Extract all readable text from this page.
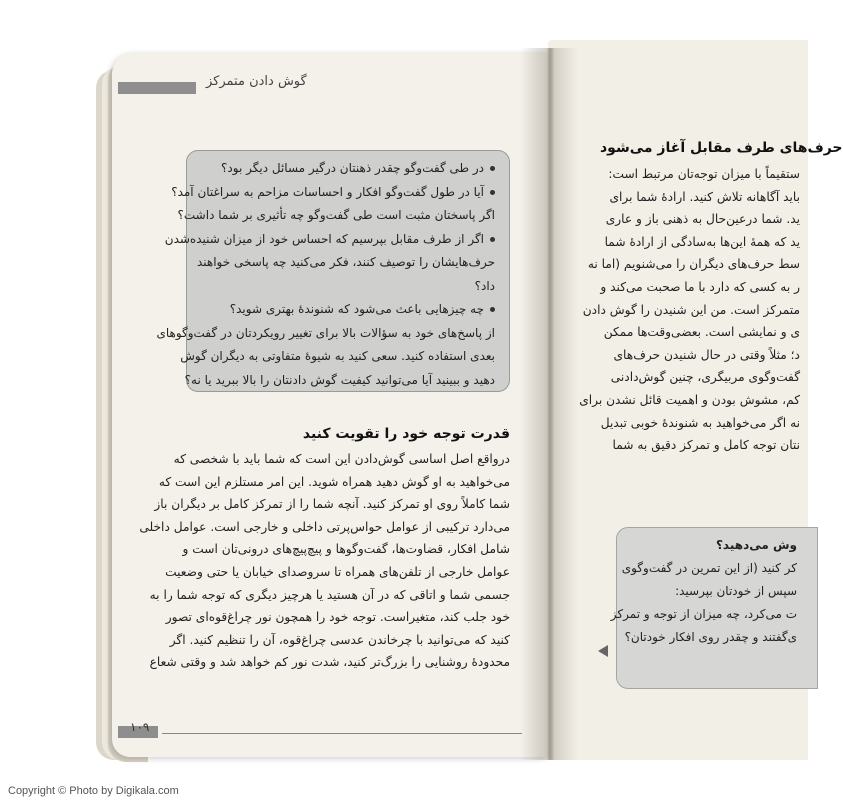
گوش دادن متمرکز
۱۰۹
در طی گفت‌وگو چقدر ذهنتان درگیر مسائل دیگر بود؟
آیا در طول گفت‌وگو افکار و احساسات مزاحم به سراغتان آمد؟
اگر پاسختان مثبت است طی گفت‌وگو چه تأثیری بر شما داشت؟
اگر از طرف مقابل بپرسیم که احساس خود از میزان شنیده‌شدن
حرف‌هایشان را توصیف کنند، فکر می‌کنید چه پاسخی خواهند
داد؟
چه چیزهایی باعث می‌شود که شنوندهٔ بهتری شوید؟
از پاسخ‌های خود به سؤالات بالا برای تغییر رویکردتان در گفت‌وگوهای
بعدی استفاده کنید. سعی کنید به شیوهٔ متفاوتی به دیگران گوش
دهید و ببینید آیا می‌توانید کیفیت گوش دادنتان را بالا ببرید یا نه؟
قدرت توجه خود را تقویت کنید
درواقع اصل اساسی گوش‌دادن این است که شما باید با شخصی که
می‌خواهید به او گوش دهید همراه شوید. این امر مستلزم این است که
شما کاملاً روی او تمرکز کنید. آنچه شما را از تمرکز کامل بر دیگران باز
می‌دارد ترکیبی از عوامل حواس‌پرتی داخلی و خارجی است. عوامل داخلی
شامل افکار، قضاوت‌ها، گفت‌وگوها و پیچ‌پیچ‌های درونی‌تان است و
عوامل خارجی از تلفن‌های همراه تا سروصدای خیابان یا حتی وضعیت
جسمی شما و اتاقی که در آن هستید یا هرچیز دیگری که توجه شما را به
خود جلب کند، متغیراست. توجه خود را همچون نور چراغ‌قوه‌ای تصور
کنید که می‌توانید با چرخاندن عدسی چراغ‌قوه، آن را تنظیم کنید. اگر
محدودهٔ روشنایی را بزرگ‌تر کنید، شدت نور کم خواهد شد و وقتی شعاع
حرف‌های طرف مقابل آغاز می‌شود
ستقیماً با میزان توجه‌تان مرتبط است:
باید آگاهانه تلاش کنید. ارادهٔ شما برای
ید. شما درعین‌حال به ذهنی باز و عاری
ید که همهٔ این‌ها به‌سادگی از ارادهٔ شما
سط حرف‌های دیگران را می‌شنویم (اما نه
ر به کسی که دارد با ما صحبت می‌کند و
متمرکز است. من این شنیدن را گوش دادن
ی و نمایشی است. بعضی‌وقت‌ها ممکن
د؛ مثلاً وقتی در حال شنیدن حرف‌های
گفت‌وگوی مربیگری، چنین گوش‌دادنی
کم، مشوش بودن و اهمیت قائل نشدن برای
نه اگر می‌خواهید به شنوندهٔ خوبی تبدیل
نتان توجه کامل و تمرکز دقیق به شما
وش می‌دهید؟
کر کنید (از این تمرین در گفت‌وگوی
سپس از خودتان بپرسید:
ت می‌کرد، چه میزان از توجه و تمرکز
ی‌گفتند و چقدر روی افکار خودتان؟
Copyright © Photo by Digikala.com
